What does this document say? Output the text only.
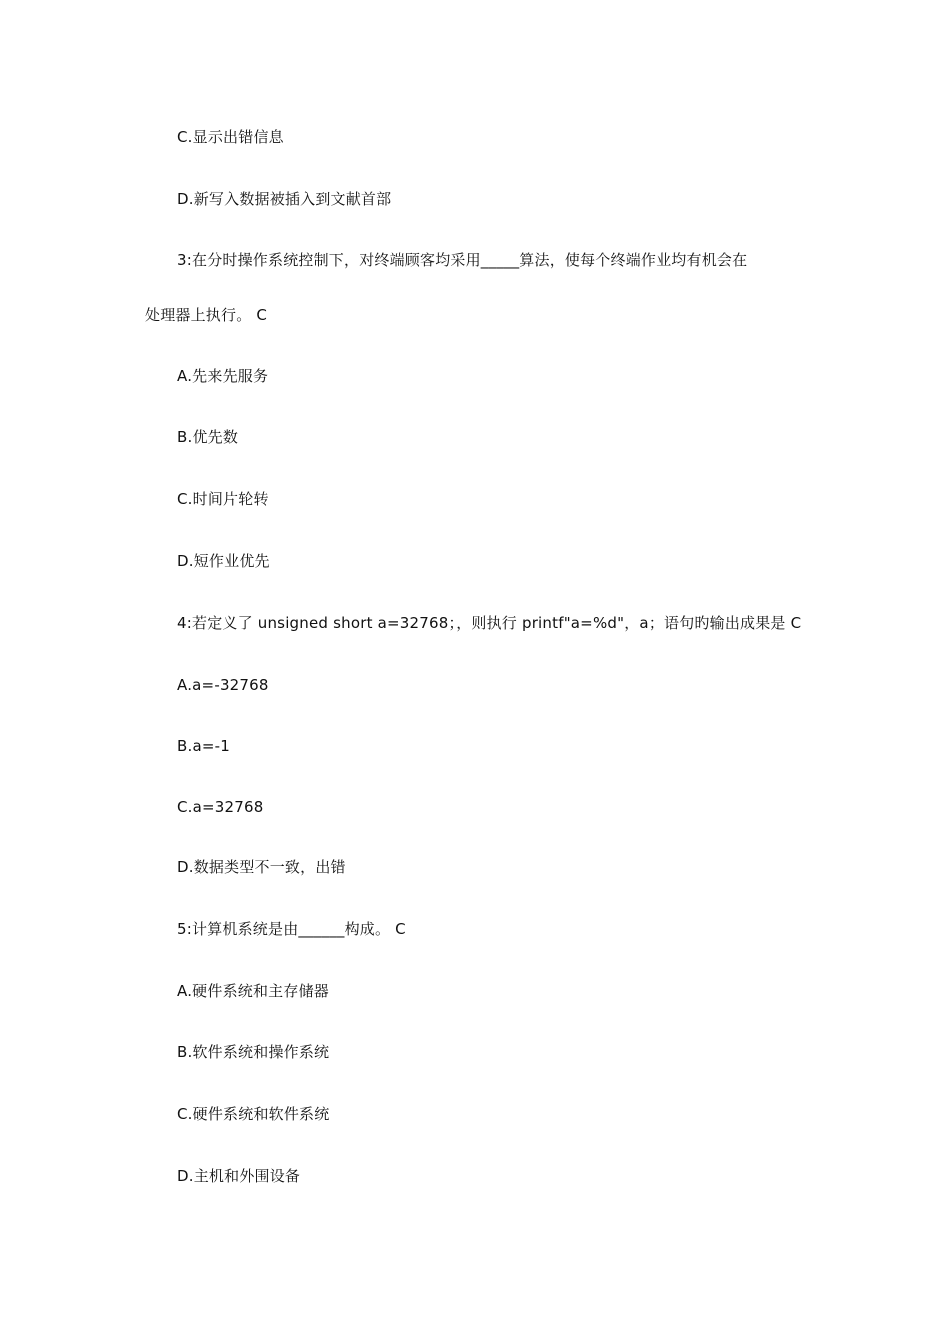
C.显示出错信息
D.新写入数据被插入到文献首部
3:在分时操作系统控制下，对终端顾客均采用_____算法，使每个终端作业均有机会在
处理器上执行。 C
A.先来先服务
B.优先数
C.时间片轮转
D.短作业优先
4:若定义了 unsigned short a=32768；，则执行 printf"a=%d"，a；语句旳输出成果是 C
A.a=-32768
B.a=-1
C.a=32768
D.数据类型不一致，出错
5:计算机系统是由______构成。 C
A.硬件系统和主存储器
B.软件系统和操作系统
C.硬件系统和软件系统
D.主机和外围设备
